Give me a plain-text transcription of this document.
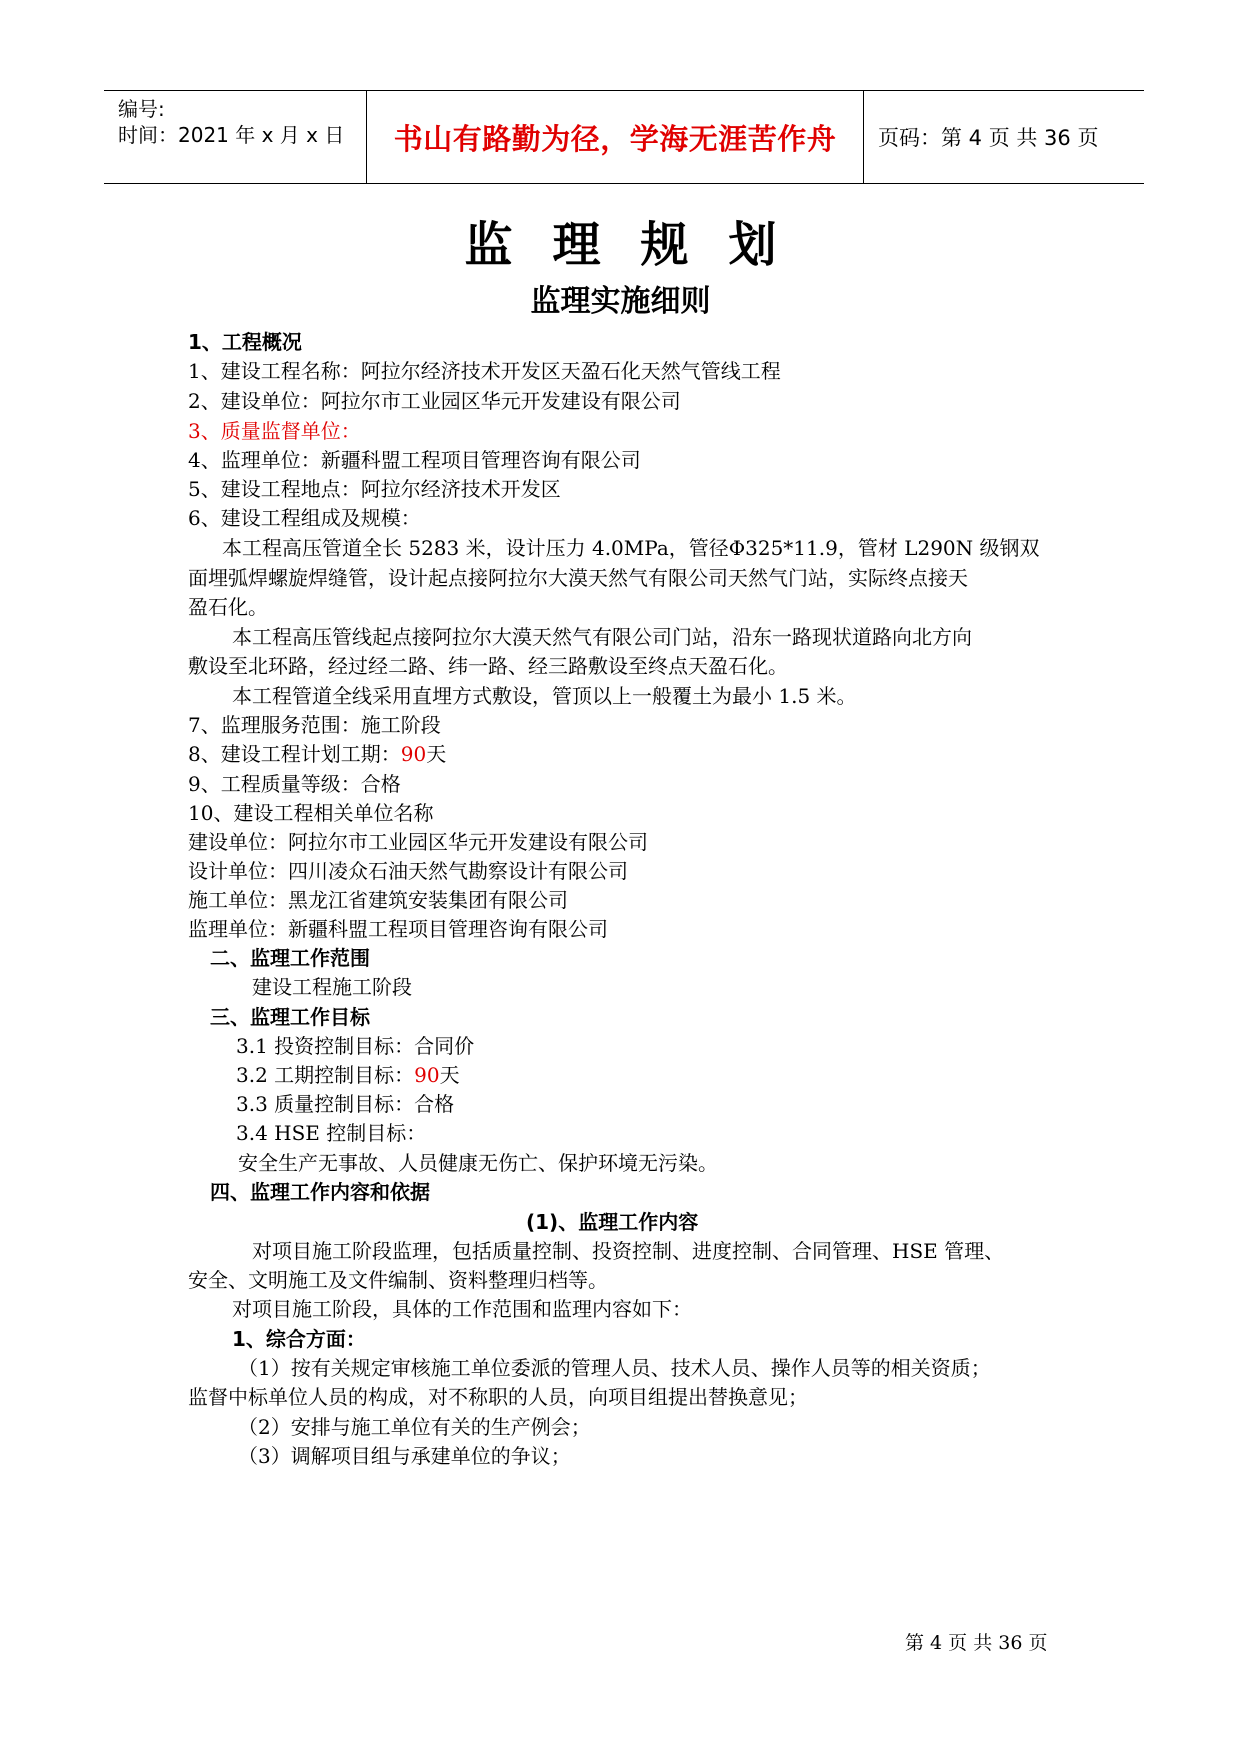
编号:
时间：2021 年 x 月 x 日 书山有路勤为径，学海无涯苦作舟 页码：第 4 页 共 36 页
监理规划
监理实施细则
1、工程概况
1、建设工程名称：阿拉尔经济技术开发区天盈石化天然气管线工程
2、建设单位：阿拉尔市工业园区华元开发建设有限公司
3、质量监督单位：
4、监理单位：新疆科盟工程项目管理咨询有限公司
5、建设工程地点：阿拉尔经济技术开发区
6、建设工程组成及规模：
本工程高压管道全长 5283 米，设计压力 4.0MPa，管径Φ325*11.9，管材 L290N 级钢双
面埋弧焊螺旋焊缝管，设计起点接阿拉尔大漠天然气有限公司天然气门站，实际终点接天
盈石化。
本工程高压管线起点接阿拉尔大漠天然气有限公司门站，沿东一路现状道路向北方向
敷设至北环路，经过经二路、纬一路、经三路敷设至终点天盈石化。
本工程管道全线采用直埋方式敷设，管顶以上一般覆土为最小 1.5 米。
7、监理服务范围：施工阶段
8、建设工程计划工期：90天
9、工程质量等级：合格
10、建设工程相关单位名称
建设单位：阿拉尔市工业园区华元开发建设有限公司
设计单位：四川凌众石油天然气勘察设计有限公司
施工单位：黑龙江省建筑安装集团有限公司
监理单位：新疆科盟工程项目管理咨询有限公司
二、监理工作范围
建设工程施工阶段
三、监理工作目标
3.1 投资控制目标：合同价
3.2 工期控制目标：90天
3.3 质量控制目标：合格
3.4 HSE 控制目标：
安全生产无事故、人员健康无伤亡、保护环境无污染。
四、监理工作内容和依据
(1)、监理工作内容
对项目施工阶段监理，包括质量控制、投资控制、进度控制、合同管理、HSE 管理、
安全、文明施工及文件编制、资料整理归档等。
对项目施工阶段，具体的工作范围和监理内容如下：
1、综合方面：
（1）按有关规定审核施工单位委派的管理人员、技术人员、操作人员等的相关资质；
监督中标单位人员的构成，对不称职的人员，向项目组提出替换意见；
（2）安排与施工单位有关的生产例会；
（3）调解项目组与承建单位的争议；
第 4 页 共 36 页
